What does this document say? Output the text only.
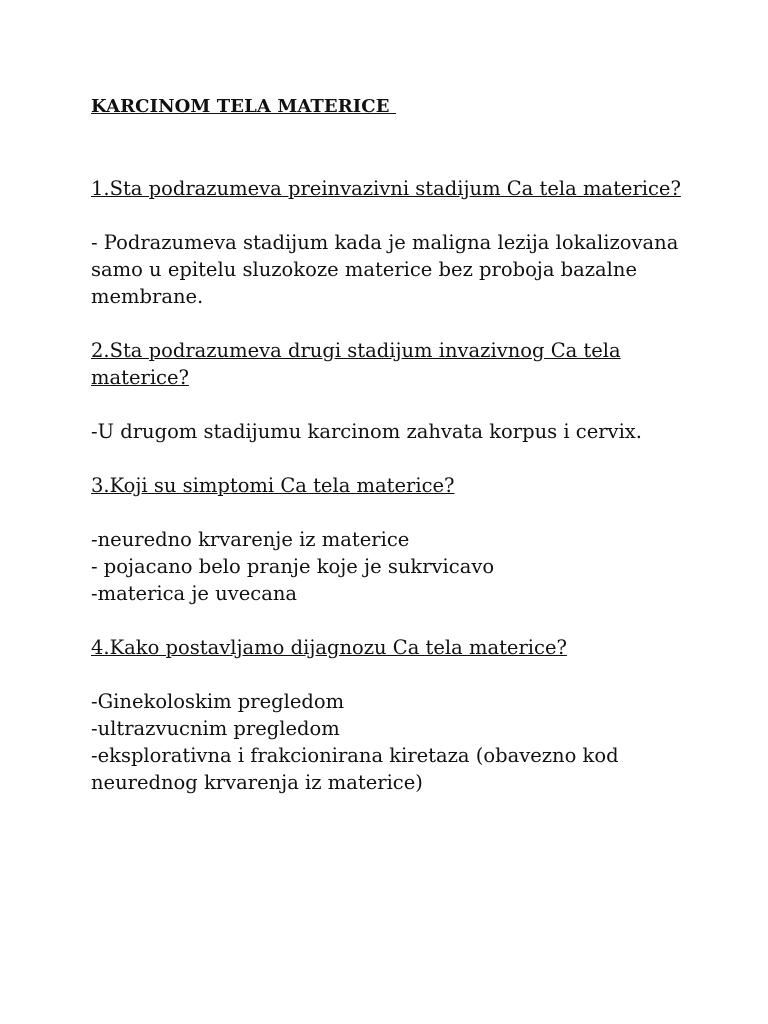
KARCINOM TELA MATERICE

1.Sta podrazumeva preinvazivni stadijum Ca tela materice?

- Podrazumeva stadijum kada je maligna lezija lokalizovana samo u epitelu sluzokoze materice bez proboja bazalne membrane.

2.Sta podrazumeva drugi stadijum invazivnog Ca tela materice?

-U drugom stadijumu karcinom zahvata korpus i cervix.

3.Koji su simptomi Ca tela materice?

-neuredno krvarenje iz materice

- pojacano belo pranje koje je sukrvicavo

-materica je uvecana

4.Kako postavljamo dijagnozu Ca tela materice?

-Ginekoloskim pregledom

-ultrazvucnim pregledom

-eksplorativna i frakcionirana kiretaza (obavezno kod neurednog krvarenja iz materice)
